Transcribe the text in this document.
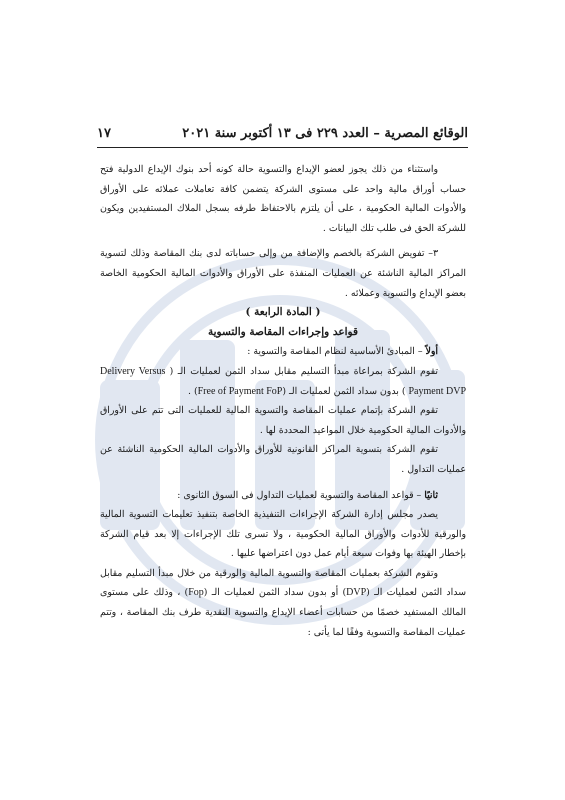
الوقائع المصرية – العدد ٢٢٩ فى ١٣ أكتوبر سنة ٢٠٢١
١٧

واستثناء من ذلك يجوز لعضو الإيداع والتسوية حالة كونه أحد بنوك الإيداع الدولية فتح حساب أوراق مالية واحد على مستوى الشركة يتضمن كافة تعاملات عملائه على الأوراق والأدوات المالية الحكومية ، على أن يلتزم بالاحتفاظ طرفه بسجل الملاك المستفيدين ويكون للشركة الحق فى طلب تلك البيانات .

٣– تفويض الشركة بالخصم والإضافة من وإلى حساباته لدى بنك المقاصة وذلك لتسوية المراكز المالية الناشئة عن العمليات المنفذة على الأوراق والأدوات المالية الحكومية الخاصة بعضو الإيداع والتسوية وعملائه .

( المادة الرابعة )

قواعد وإجراءات المقاصة والتسوية

أولاً – المبادئ الأساسية لنظام المقاصة والتسوية :

تقوم الشركة بمراعاة مبدأ التسليم مقابل سداد الثمن لعمليات الـ ( Delivery Versus Payment DVP ) بدون سداد الثمن لعمليات الـ (Free of Payment FoP) .

تقوم الشركة بإتمام عمليات المقاصة والتسوية المالية للعمليات التى تتم على الأوراق والأدوات المالية الحكومية خلال المواعيد المحددة لها .

تقوم الشركة بتسوية المراكز القانونية للأوراق والأدوات المالية الحكومية الناشئة عن عمليات التداول .

ثانيًا – قواعد المقاصة والتسوية لعمليات التداول فى السوق الثانوى :

يصدر مجلس إدارة الشركة الإجراءات التنفيذية الخاصة بتنفيذ تعليمات التسوية المالية والورقية للأدوات والأوراق المالية الحكومية ، ولا تسرى تلك الإجراءات إلا بعد قيام الشركة بإخطار الهيئة بها وفوات سبعة أيام عمل دون اعتراضها عليها .

وتقوم الشركة بعمليات المقاصة والتسوية المالية والورقية من خلال مبدأ التسليم مقابل سداد الثمن لعمليات الـ (DVP) أو بدون سداد الثمن لعمليات الـ (Fop) ، وذلك على مستوى المالك المستفيد خصمًا من حسابات أعضاء الإيداع والتسوية النقدية طرف بنك المقاصة ، وتتم عمليات المقاصة والتسوية وفقًا لما يأتى :
